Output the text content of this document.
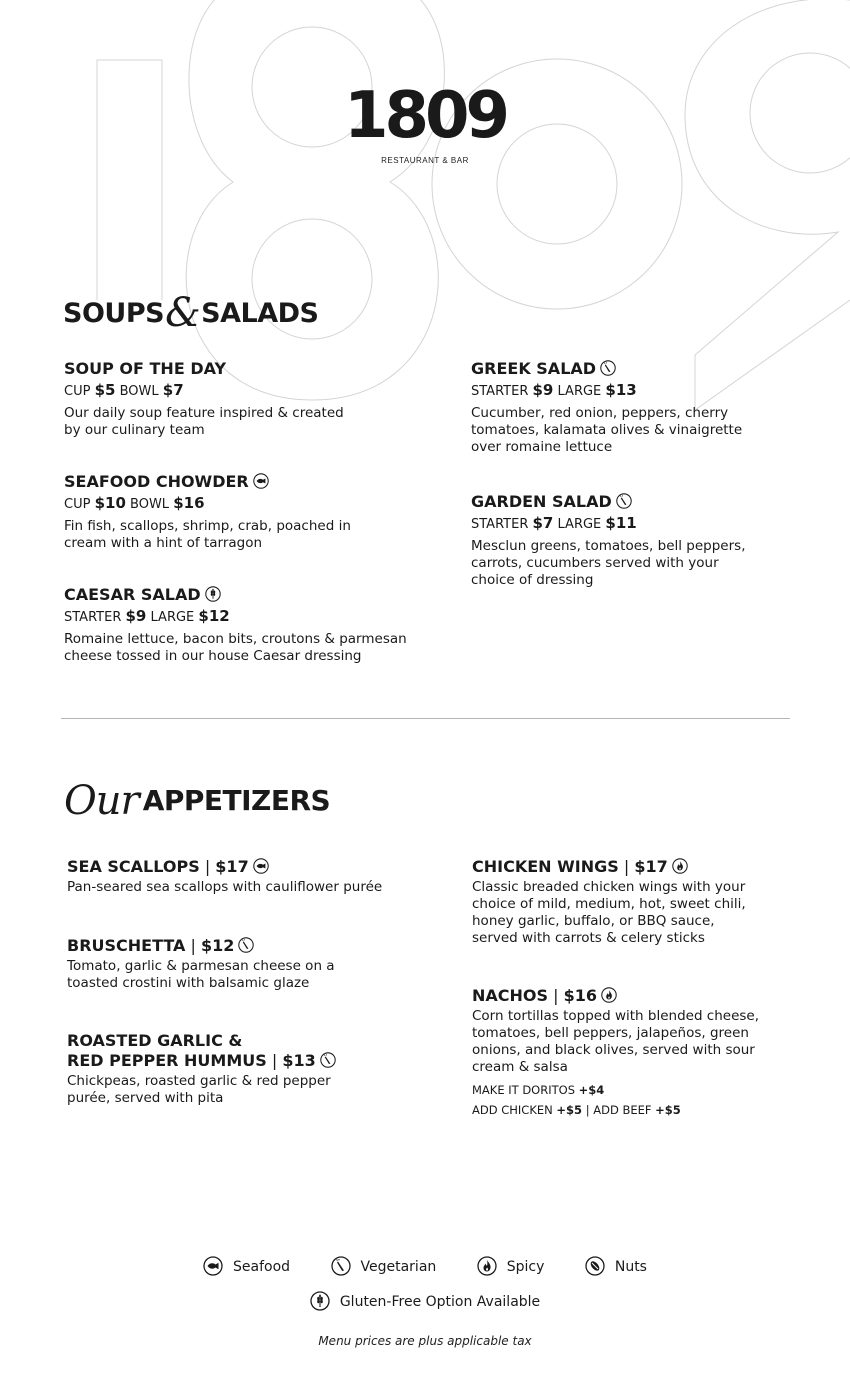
1809
RESTAURANT & BAR
SOUPS&SALADS
SOUP OF THE DAY
CUP $5 BOWL $7
Our daily soup feature inspired & created by our culinary team
SEAFOOD CHOWDER
CUP $10 BOWL $16
Fin fish, scallops, shrimp, crab, poached in cream with a hint of tarragon
CAESAR SALAD
STARTER $9 LARGE $12
Romaine lettuce, bacon bits, croutons & parmesan cheese tossed in our house Caesar dressing
GREEK SALAD
STARTER $9 LARGE $13
Cucumber, red onion, peppers, cherry tomatoes, kalamata olives & vinaigrette over romaine lettuce
GARDEN SALAD
STARTER $7 LARGE $11
Mesclun greens, tomatoes, bell peppers, carrots, cucumbers served with your choice of dressing
Our APPETIZERS
SEA SCALLOPS | $17
Pan-seared sea scallops with cauliflower purée
BRUSCHETTA | $12
Tomato, garlic & parmesan cheese on a toasted crostini with balsamic glaze
ROASTED GARLIC &
RED PEPPER HUMMUS | $13
Chickpeas, roasted garlic & red pepper purée, served with pita
CHICKEN WINGS | $17
Classic breaded chicken wings with your choice of mild, medium, hot, sweet chili, honey garlic, buffalo, or BBQ sauce, served with carrots & celery sticks
NACHOS | $16
Corn tortillas topped with blended cheese, tomatoes, bell peppers, jalapeños, green onions, and black olives, served with sour cream & salsa
MAKE IT DORITOS +$4
ADD CHICKEN +$5 | ADD BEEF +$5
Seafood	Vegetarian	Spicy	Nuts
Gluten-Free Option Available
Menu prices are plus applicable tax
